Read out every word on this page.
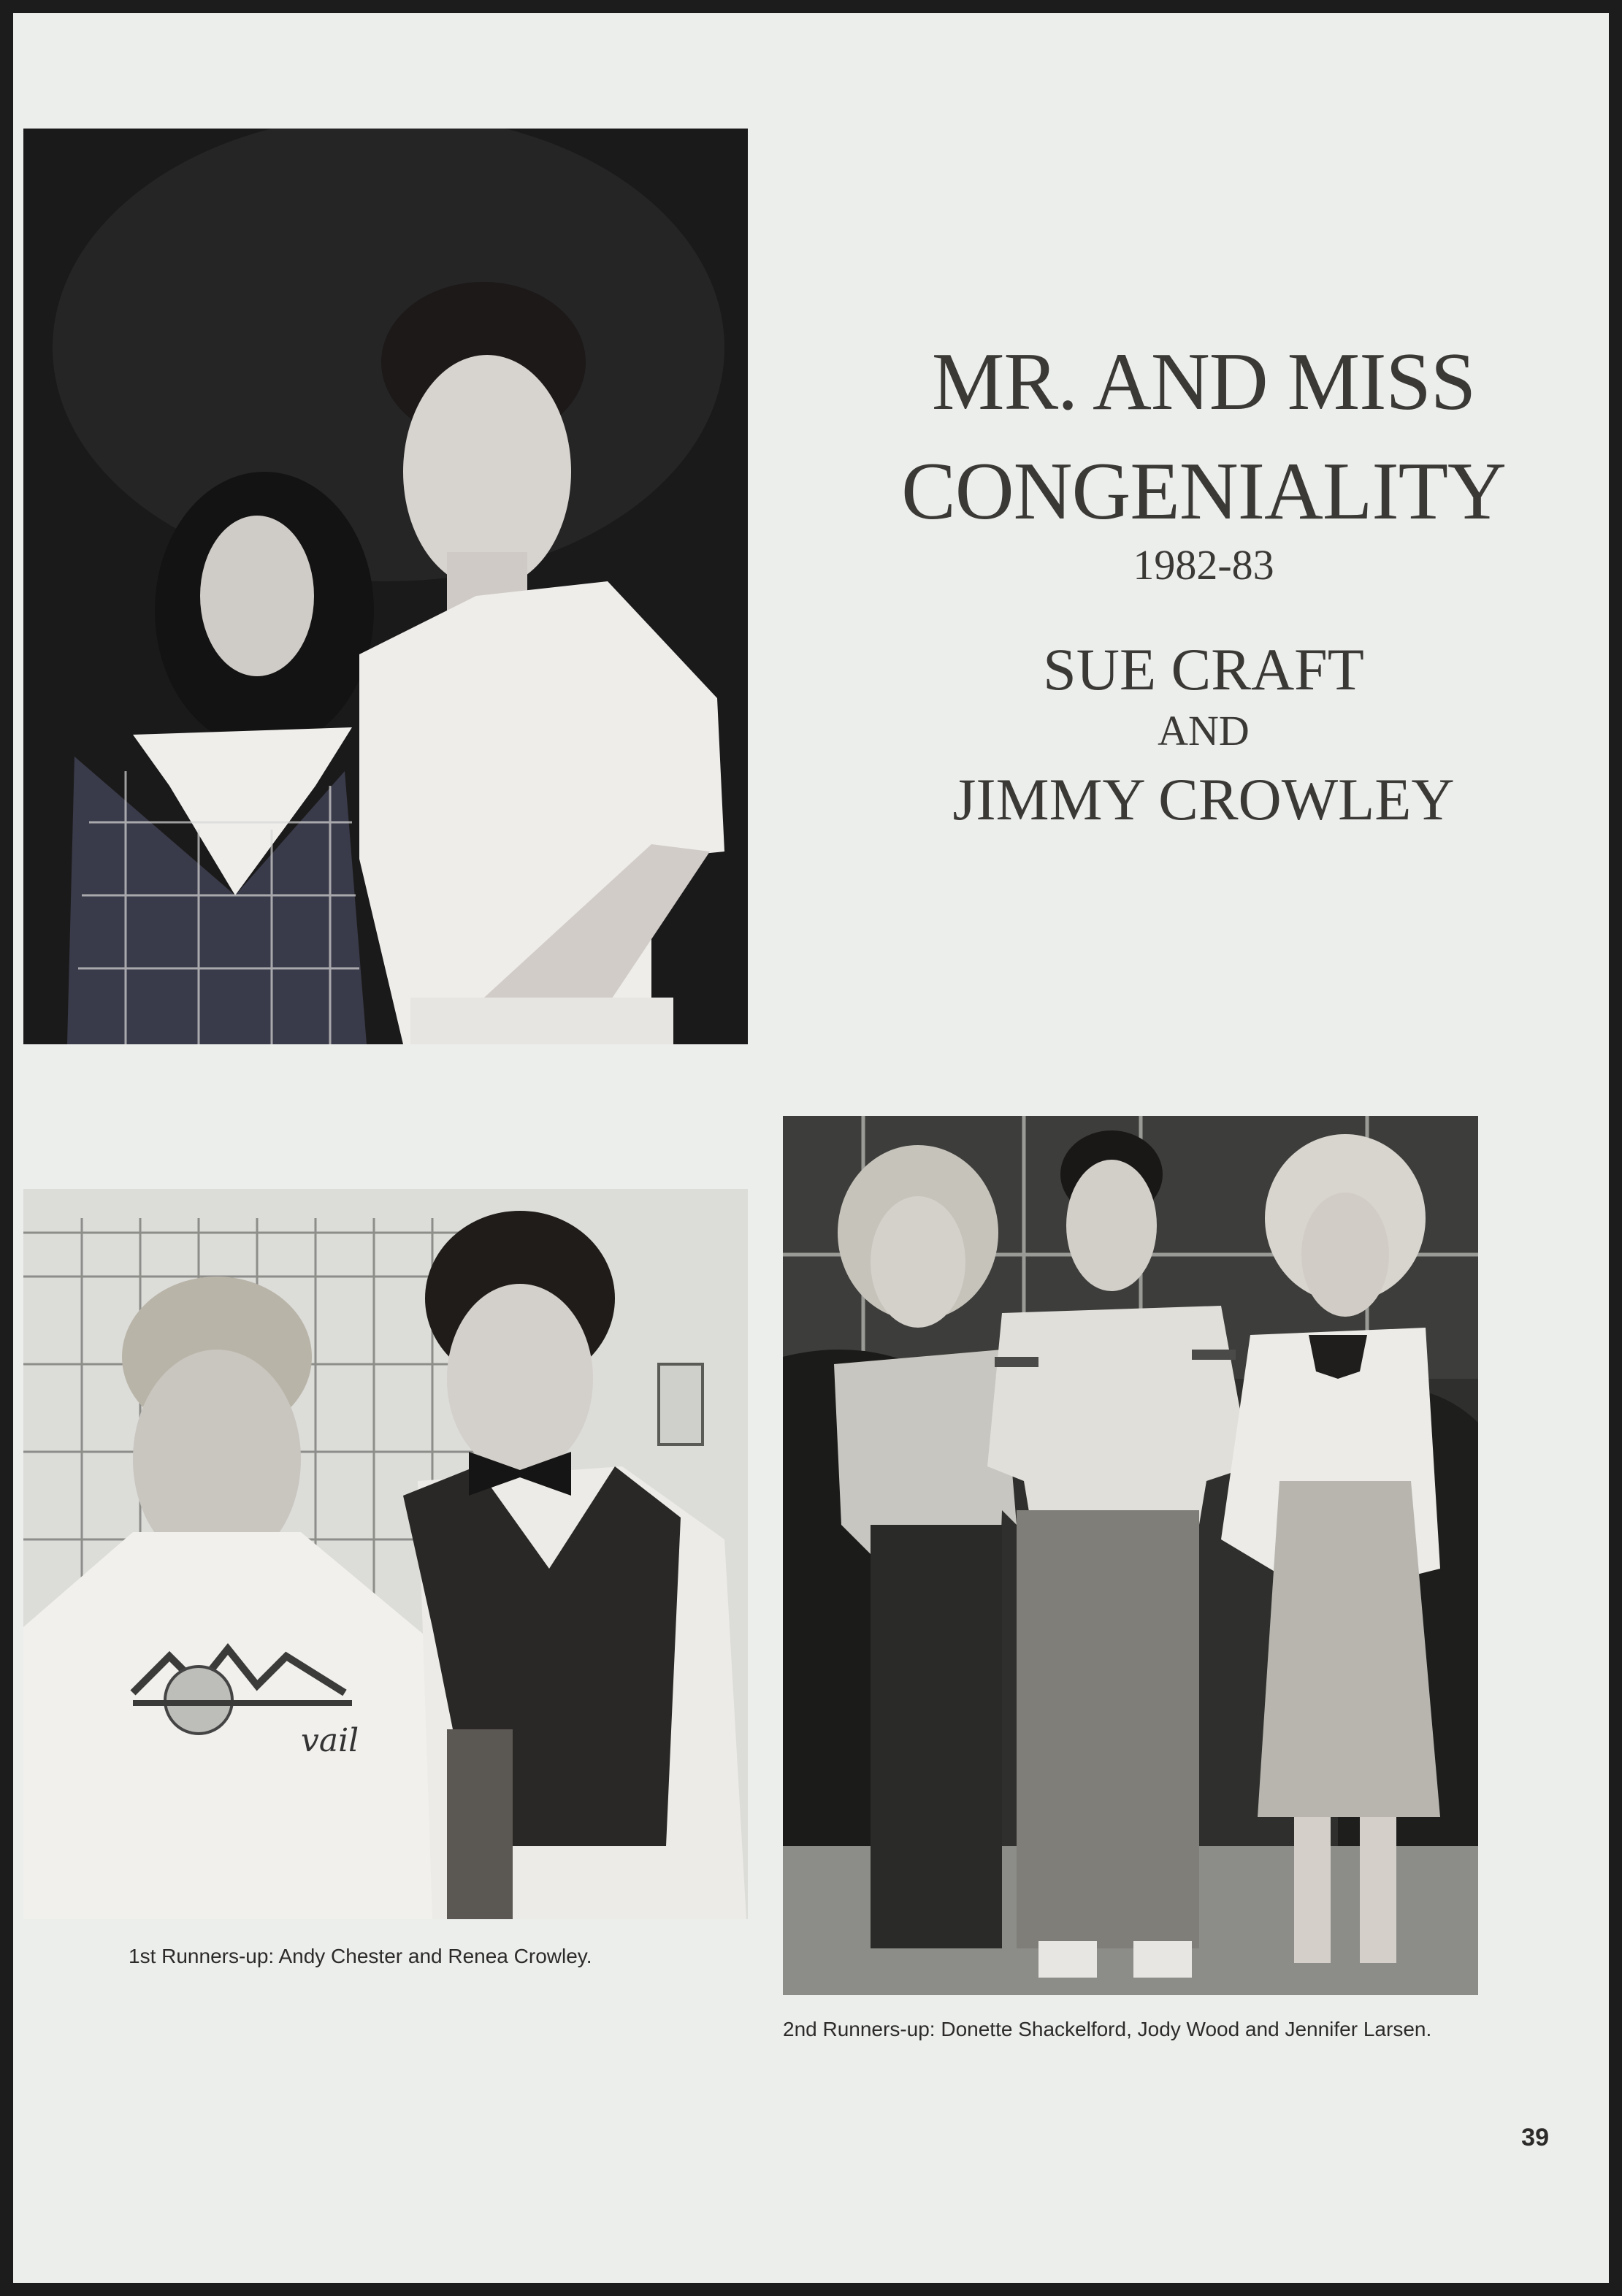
MR. AND MISS
CONGENIALITY
1982-83
SUE CRAFT
AND
JIMMY CROWLEY
vail
1st Runners-up: Andy Chester and Renea Crowley.
2nd Runners-up: Donette Shackelford, Jody Wood and Jennifer Larsen.
39
